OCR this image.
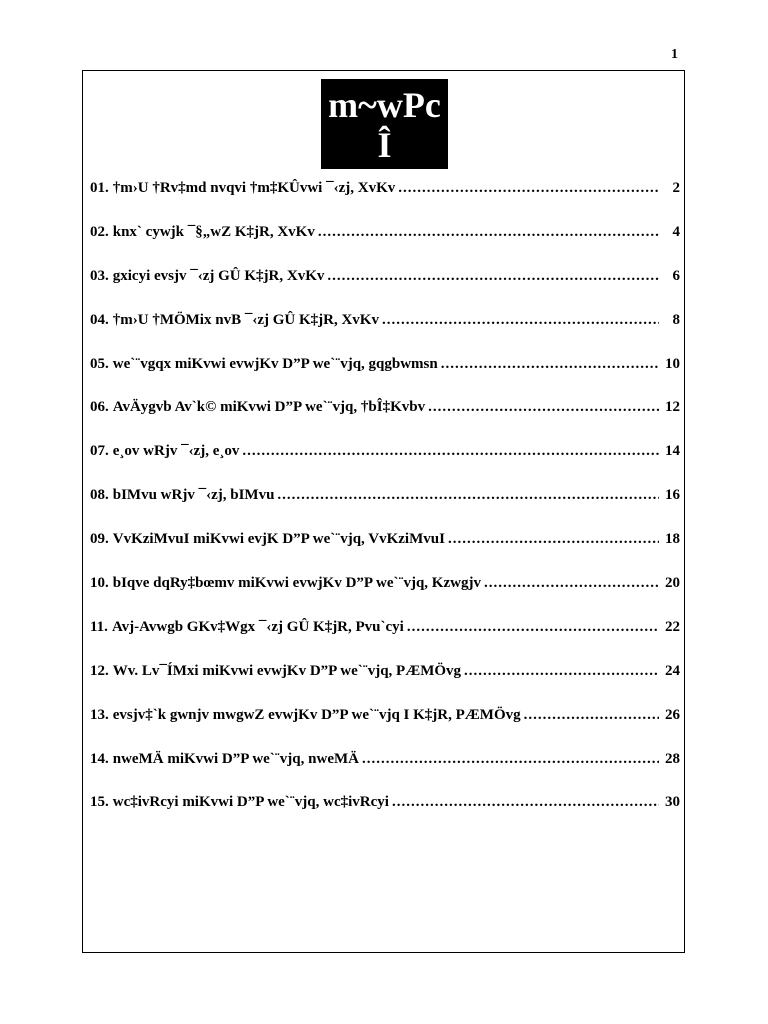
1
m~wPc
Î
01. †m›U †Rv‡md nvqvi †m‡KÛvwi ¯‹zj, XvKv .....	2
02. knx` cywjk ¯§„wZ K‡jR, XvKv .....	4
03. gxicyi evsjv ¯‹zj GÛ K‡jR, XvKv .....	6
04. †m›U †MÖMix nvB ¯‹zj GÛ K‡jR, XvKv .....	8
05. we`¨vgqx miKvwi evwjKv D”P we`¨vjq, gqgbwmsn .....	10
06. AvÄygvb Av`k© miKvwi D”P we`¨vjq, †bÎ‡Kvbv .....	12
07. e¸ov wRjv ¯‹zj, e¸ov .....	14
08. bIMvu wRjv ¯‹zj, bIMvu .....	16
09. VvKziMvuI miKvwi evjK D”P we`¨vjq, VvKziMvuI .....	18
10. bIqve dqRy‡bœmv miKvwi evwjKv D”P we`¨vjq, Kzwgjv .....	20
11. Avj-Avwgb GKv‡Wgx ¯‹zj GÛ K‡jR, Pvu`cyi .....	22
12. Wv. Lv¯ÍMxi miKvwi evwjKv D”P we`¨vjq, PÆMÖvg .....	24
13. evsjv‡`k gwnjv mwgwZ evwjKv D”P we`¨vjq I K‡jR, PÆMÖvg .....	26
14. nweMÄ miKvwi D”P we`¨vjq, nweMÄ .....	28
15. wc‡ivRcyi miKvwi D”P we`¨vjq, wc‡ivRcyi .....	30
